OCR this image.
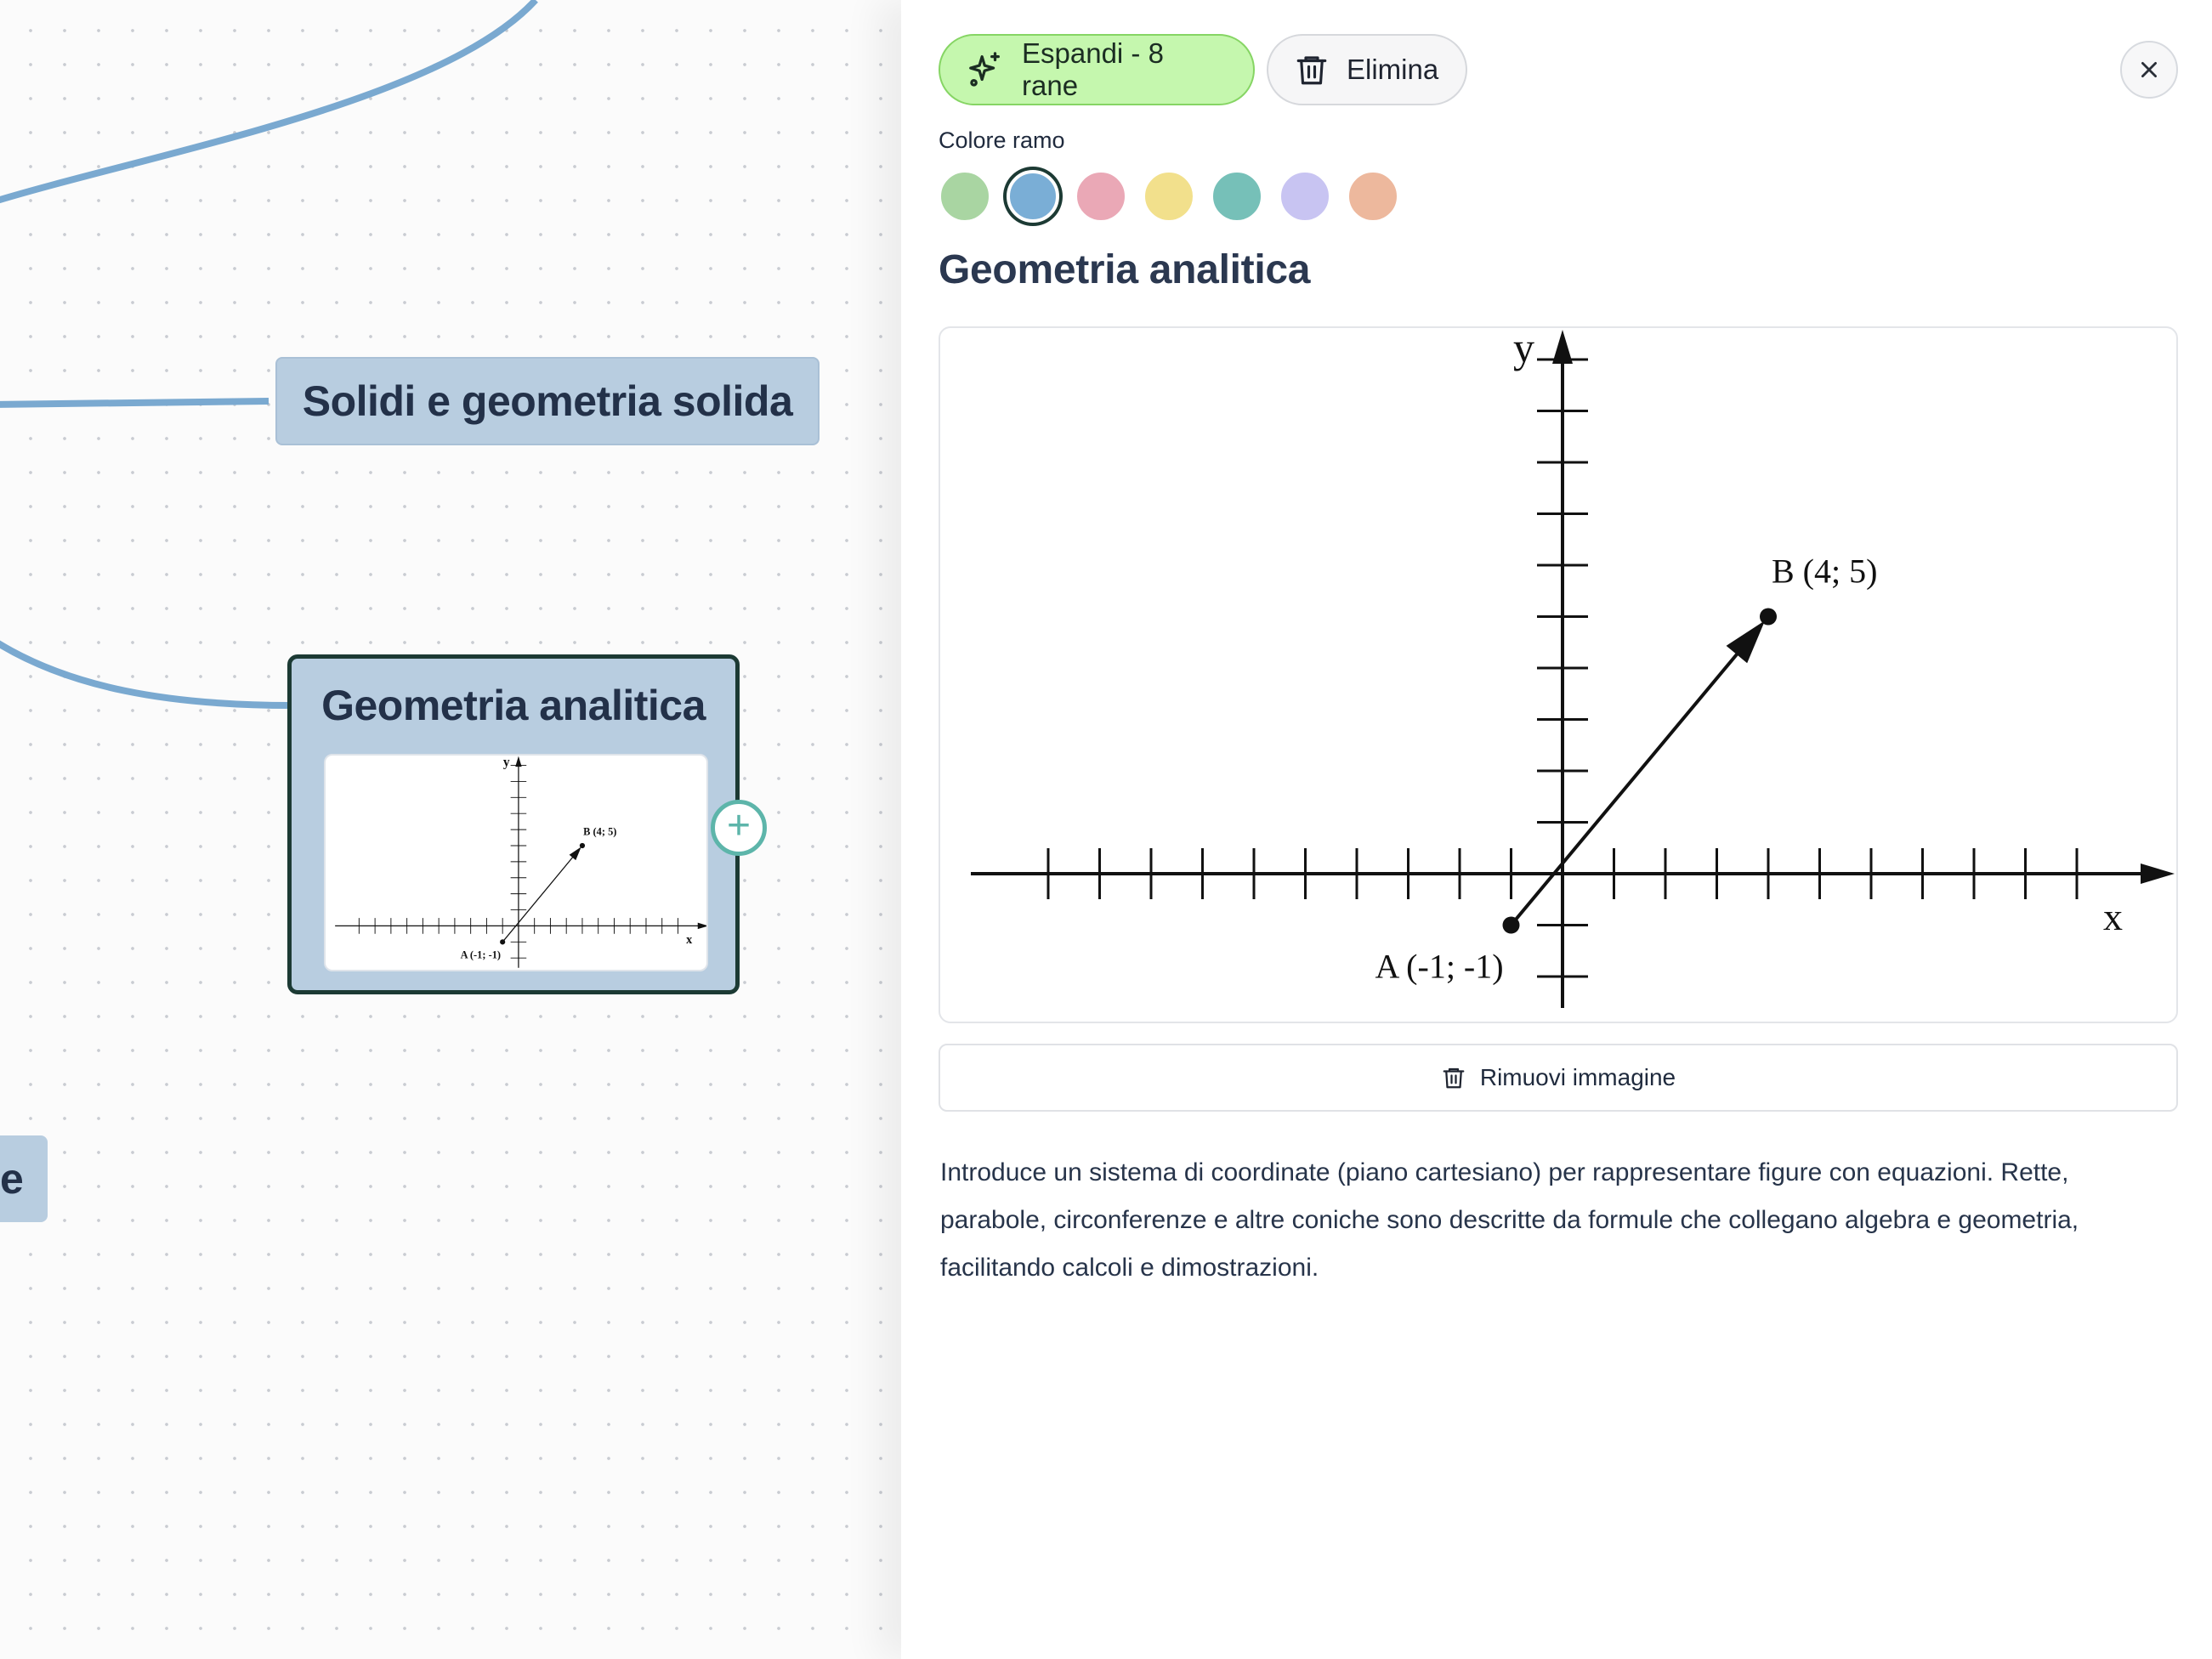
Solidi e geometria solida
e
Geometria analitica
A (-1; -1)
B (4; 5)
x
y
+
Espandi - 8 rane
Elimina
Colore ramo
Geometria analitica
A (-1; -1)
B (4; 5)
x
y
Rimuovi immagine
Introduce un sistema di coordinate (piano cartesiano) per rappresentare figure con equazioni. Rette, parabole, circonferenze e altre coniche sono descritte da formule che collegano algebra e geometria, facilitando calcoli e dimostrazioni.
